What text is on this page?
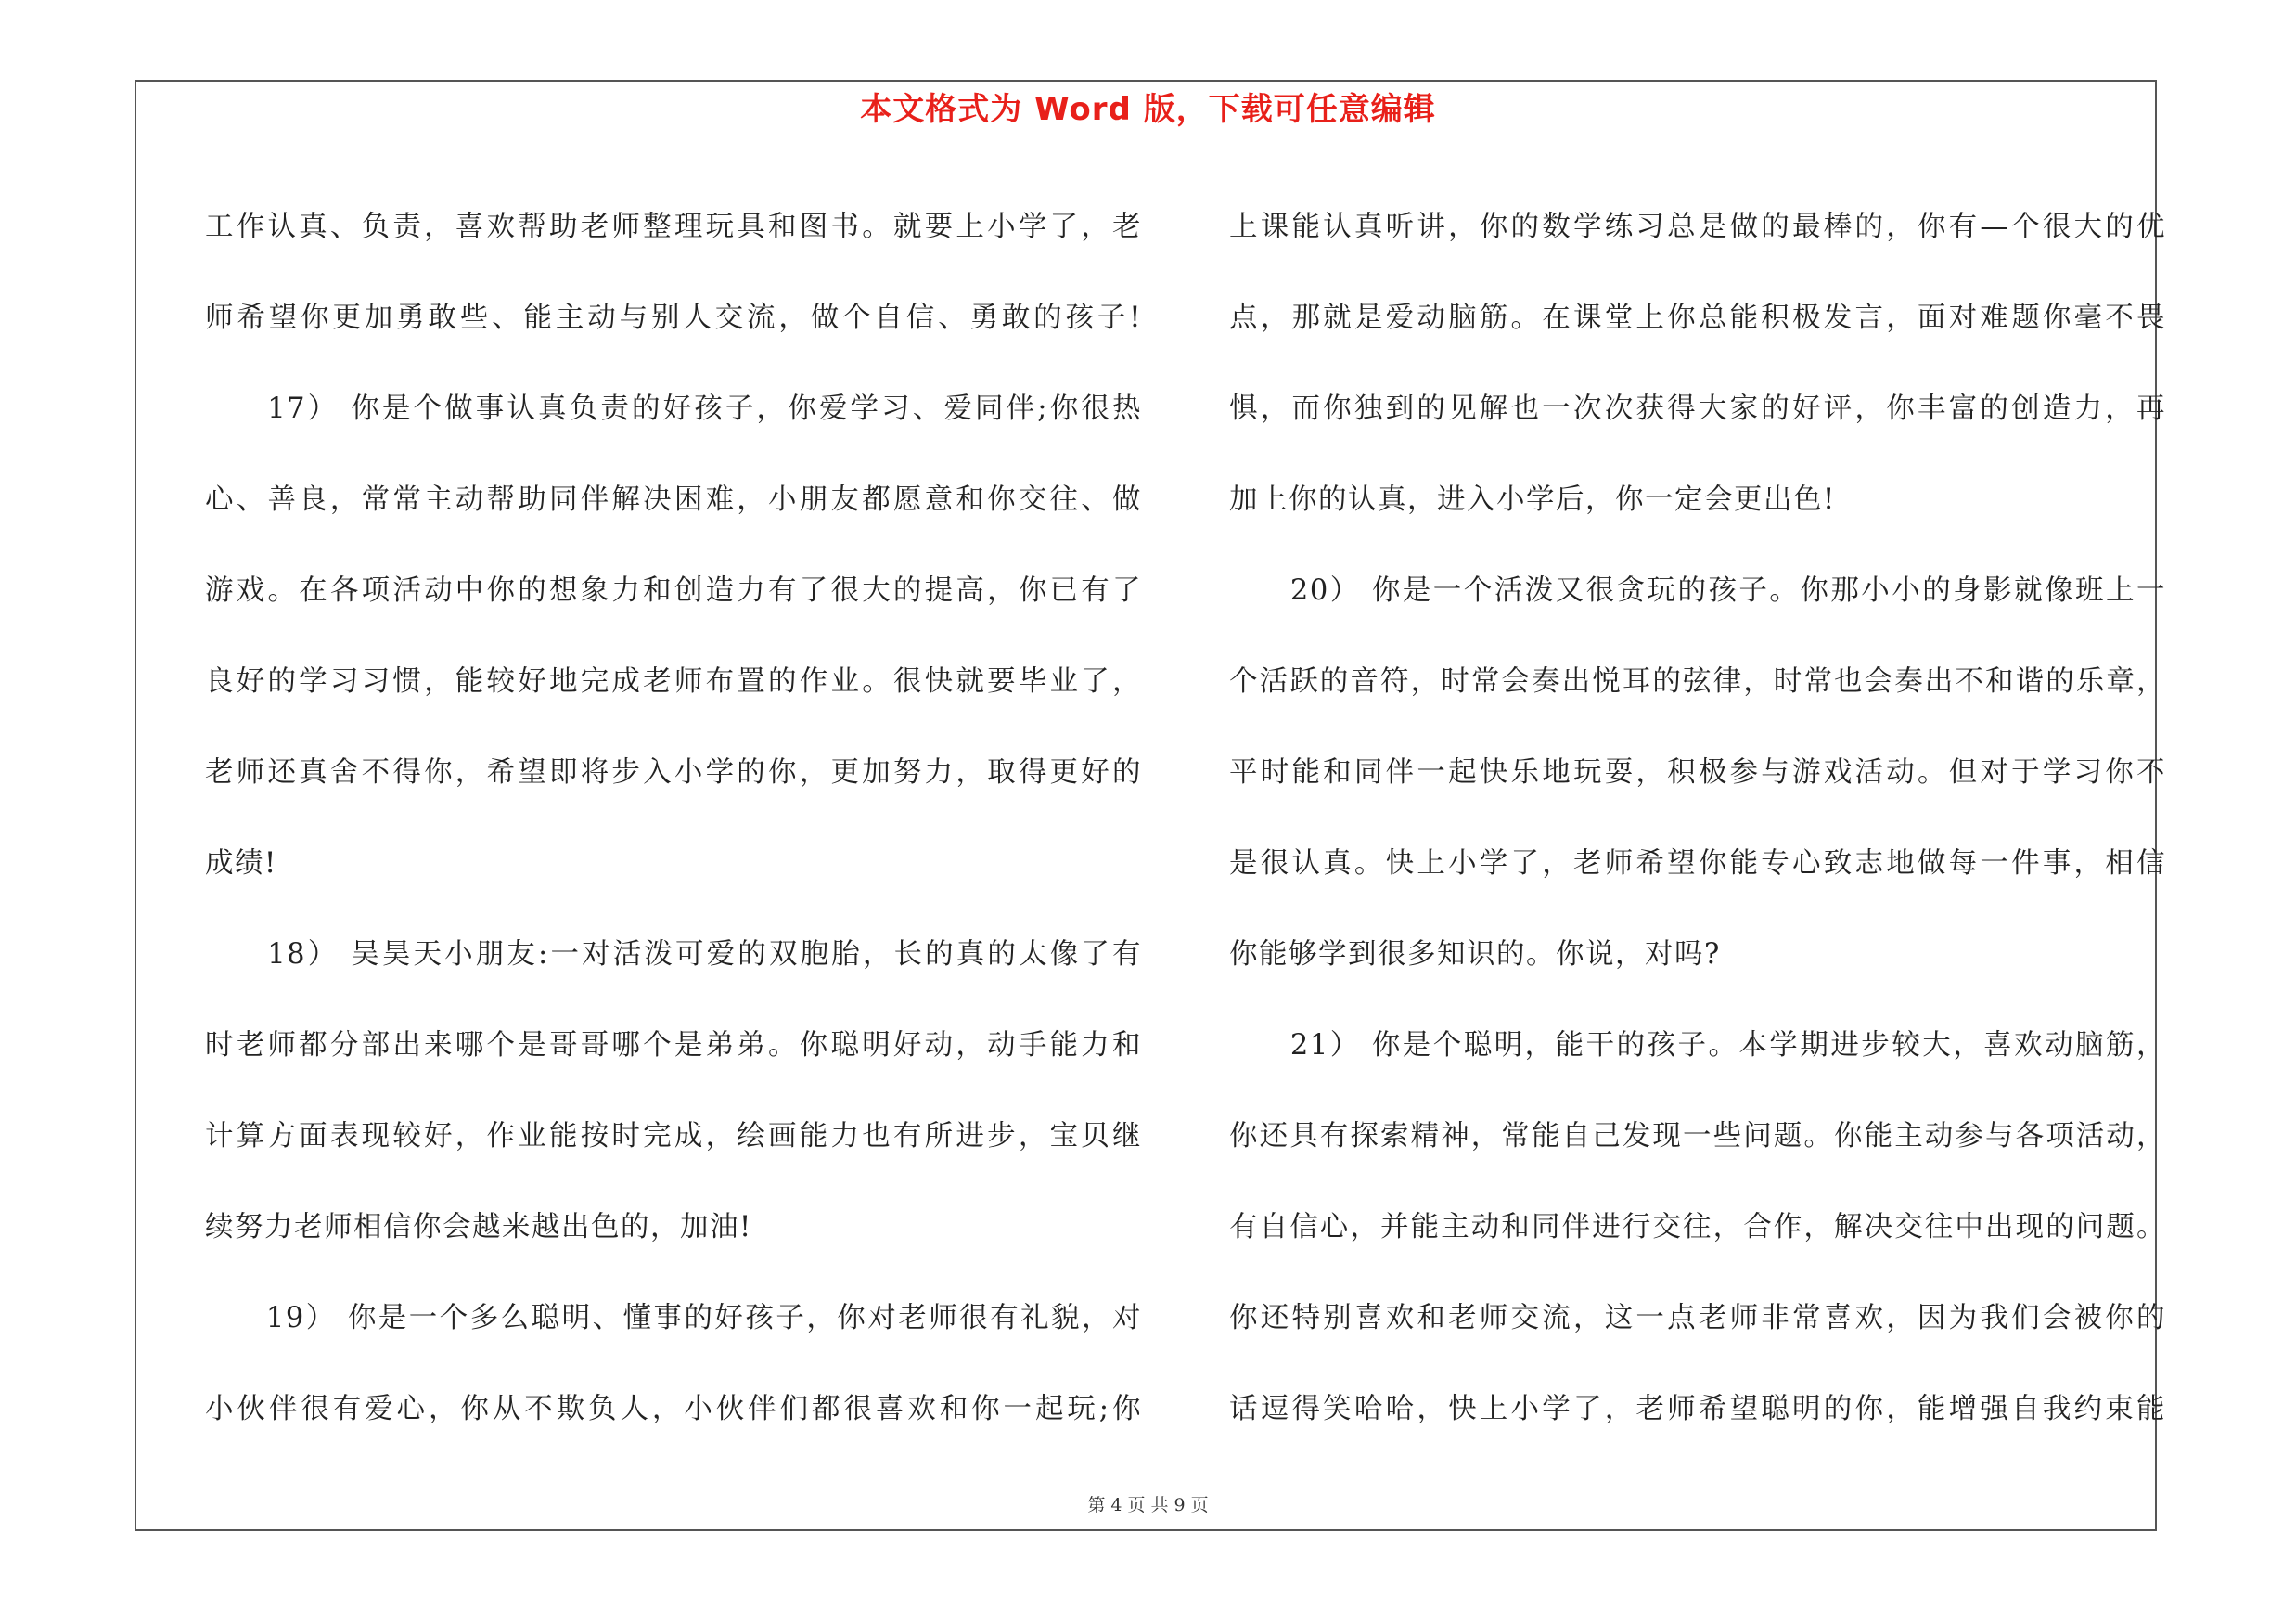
本文格式为 Word 版，下载可任意编辑
工作认真、负责，喜欢帮助老师整理玩具和图书。就要上小学了，老
师希望你更加勇敢些、能主动与别人交流，做个自信、勇敢的孩子!
　　17） 你是个做事认真负责的好孩子，你爱学习、爱同伴;你很热
心、善良，常常主动帮助同伴解决困难，小朋友都愿意和你交往、做
游戏。在各项活动中你的想象力和创造力有了很大的提高，你已有了
良好的学习习惯，能较好地完成老师布置的作业。很快就要毕业了，
老师还真舍不得你，希望即将步入小学的你，更加努力，取得更好的
成绩!
　　18） 吴昊天小朋友:一对活泼可爱的双胞胎，长的真的太像了有
时老师都分部出来哪个是哥哥哪个是弟弟。你聪明好动，动手能力和
计算方面表现较好，作业能按时完成，绘画能力也有所进步，宝贝继
续努力老师相信你会越来越出色的，加油!
　　19） 你是一个多么聪明、懂事的好孩子，你对老师很有礼貌，对
小伙伴很有爱心，你从不欺负人，小伙伴们都很喜欢和你一起玩;你
上课能认真听讲，你的数学练习总是做的最棒的，你有—个很大的优
点，那就是爱动脑筋。在课堂上你总能积极发言，面对难题你毫不畏
惧，而你独到的见解也一次次获得大家的好评，你丰富的创造力，再
加上你的认真，进入小学后，你一定会更出色!
　　20） 你是一个活泼又很贪玩的孩子。你那小小的身影就像班上一
个活跃的音符，时常会奏出悦耳的弦律，时常也会奏出不和谐的乐章，
平时能和同伴一起快乐地玩耍，积极参与游戏活动。但对于学习你不
是很认真。快上小学了，老师希望你能专心致志地做每一件事，相信
你能够学到很多知识的。你说，对吗?
　　21） 你是个聪明，能干的孩子。本学期进步较大，喜欢动脑筋，
你还具有探索精神，常能自己发现一些问题。你能主动参与各项活动，
有自信心，并能主动和同伴进行交往，合作，解决交往中出现的问题。
你还特别喜欢和老师交流，这一点老师非常喜欢，因为我们会被你的
话逗得笑哈哈，快上小学了，老师希望聪明的你，能增强自我约束能
第 4 页 共 9 页
